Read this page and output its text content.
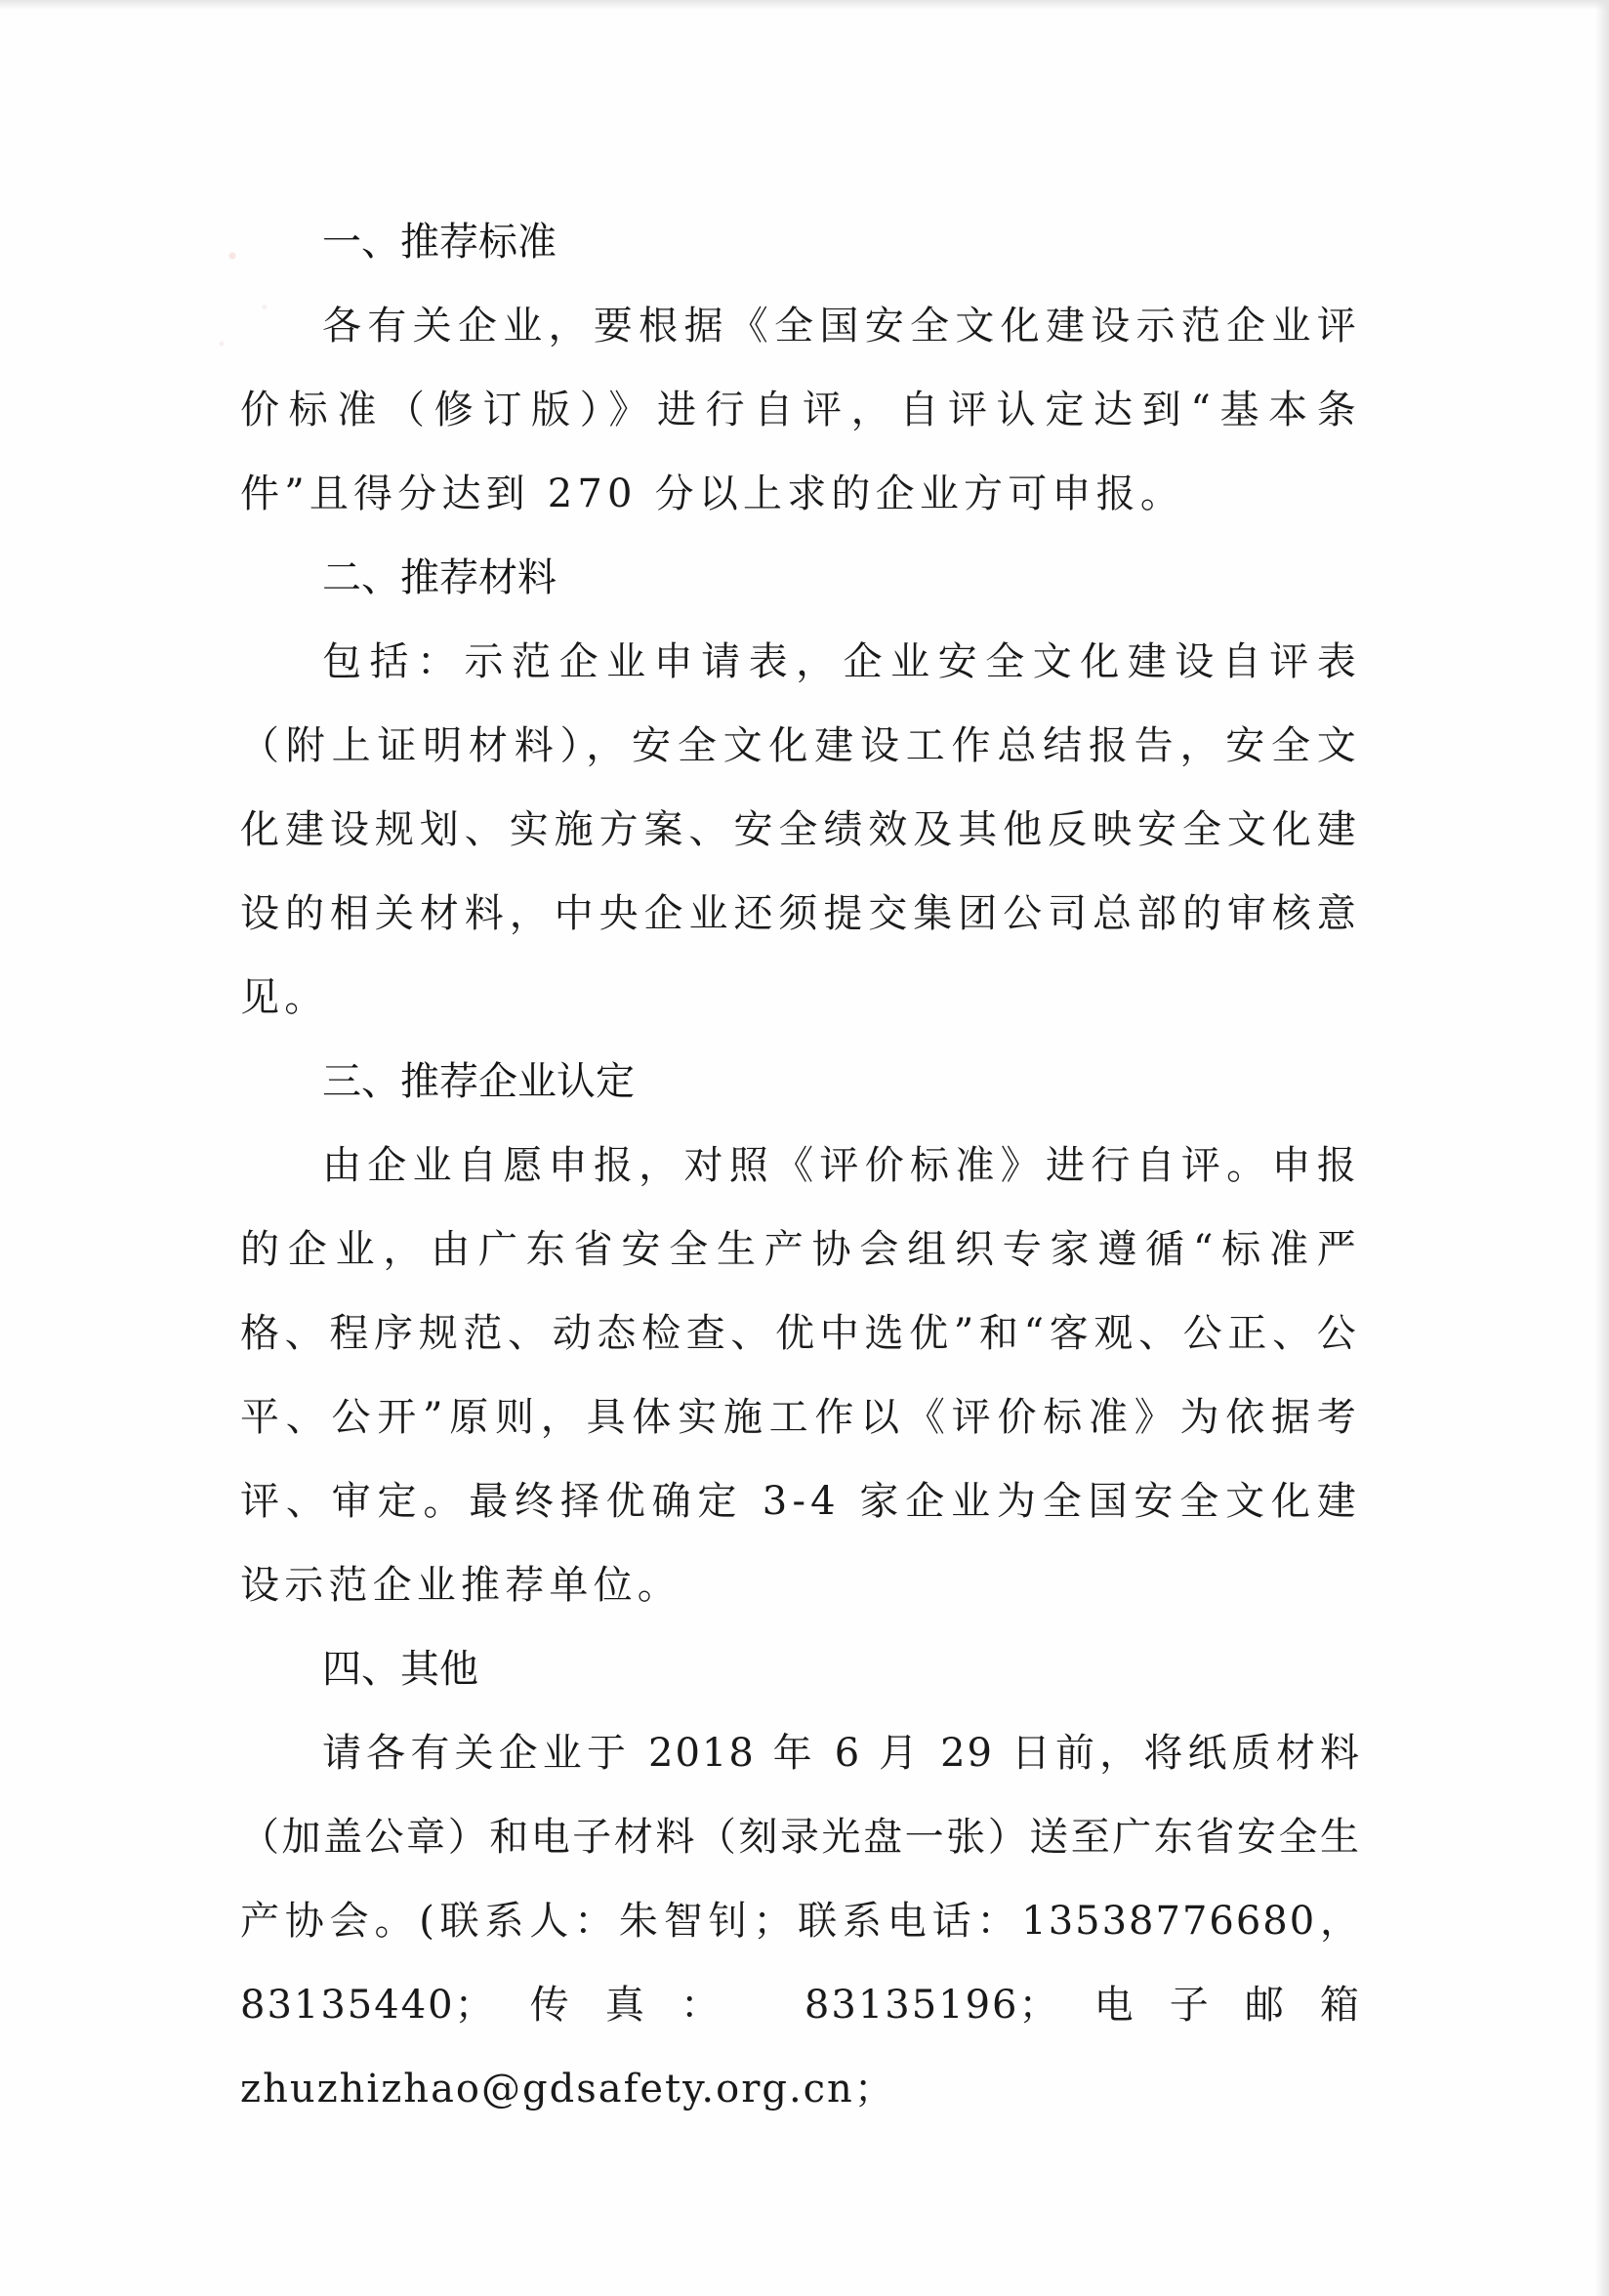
一、推荐标准

各有关企业，要根据《全国安全文化建设示范企业评价标准（修订版）》进行自评，自评认定达到“基本条件”且得分达到 270 分以上求的企业方可申报。

二、推荐材料

包括：示范企业申请表，企业安全文化建设自评表（附上证明材料），安全文化建设工作总结报告，安全文化建设规划、实施方案、安全绩效及其他反映安全文化建设的相关材料，中央企业还须提交集团公司总部的审核意见。

三、推荐企业认定

由企业自愿申报，对照《评价标准》进行自评。申报的企业，由广东省安全生产协会组织专家遵循“标准严格、程序规范、动态检查、优中选优”和“客观、公正、公平、公开”原则，具体实施工作以《评价标准》为依据考评、审定。最终择优确定 3-4 家企业为全国安全文化建设示范企业推荐单位。

四、其他

请各有关企业于 2018 年 6 月 29 日前，将纸质材料（加盖公章）和电子材料（刻录光盘一张）送至广东省安全生产协会。(联系人：朱智钊；联系电话：13538776680， 83135440；传真： 83135196；电子邮箱 zhuzhizhao@gdsafety.org.cn；
